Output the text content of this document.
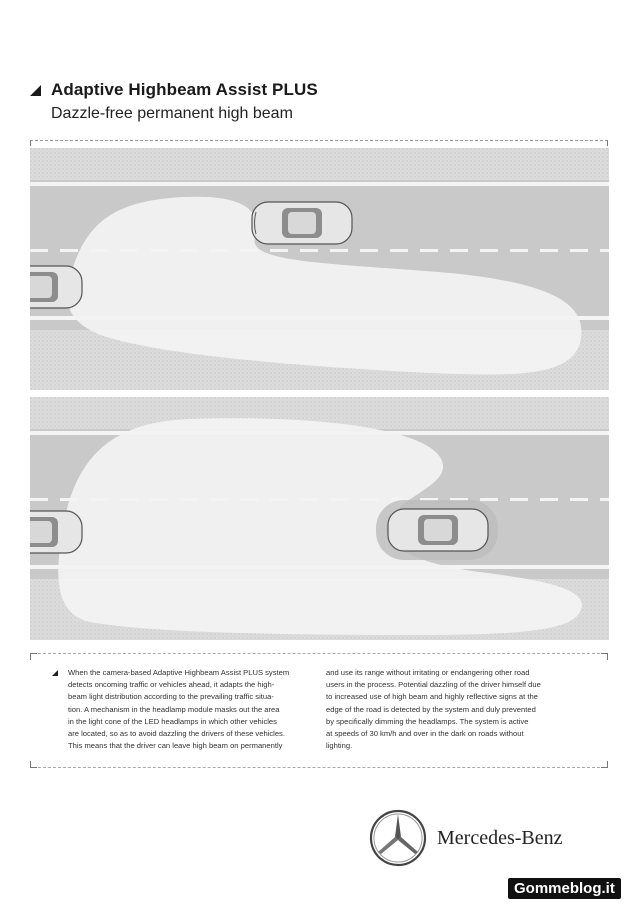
Adaptive Highbeam Assist PLUS
Dazzle-free permanent high beam
When the camera-based Adaptive Highbeam Assist PLUS system
detects oncoming traffic or vehicles ahead, it adapts the high-
beam light distribution according to the prevailing traffic situa-
tion. A mechanism in the headlamp module masks out the area
in the light cone of the LED headlamps in which other vehicles
are located, so as to avoid dazzling the drivers of these vehicles.
This means that the driver can leave high beam on permanently
and use its range without irritating or endangering other road
users in the process. Potential dazzling of the driver himself due
to increased use of high beam and highly reflective signs at the
edge of the road is detected by the system and duly prevented
by specifically dimming the headlamps. The system is active
at speeds of 30 km/h and over in the dark on roads without
lighting.
Mercedes-Benz
Gommeblog.it
